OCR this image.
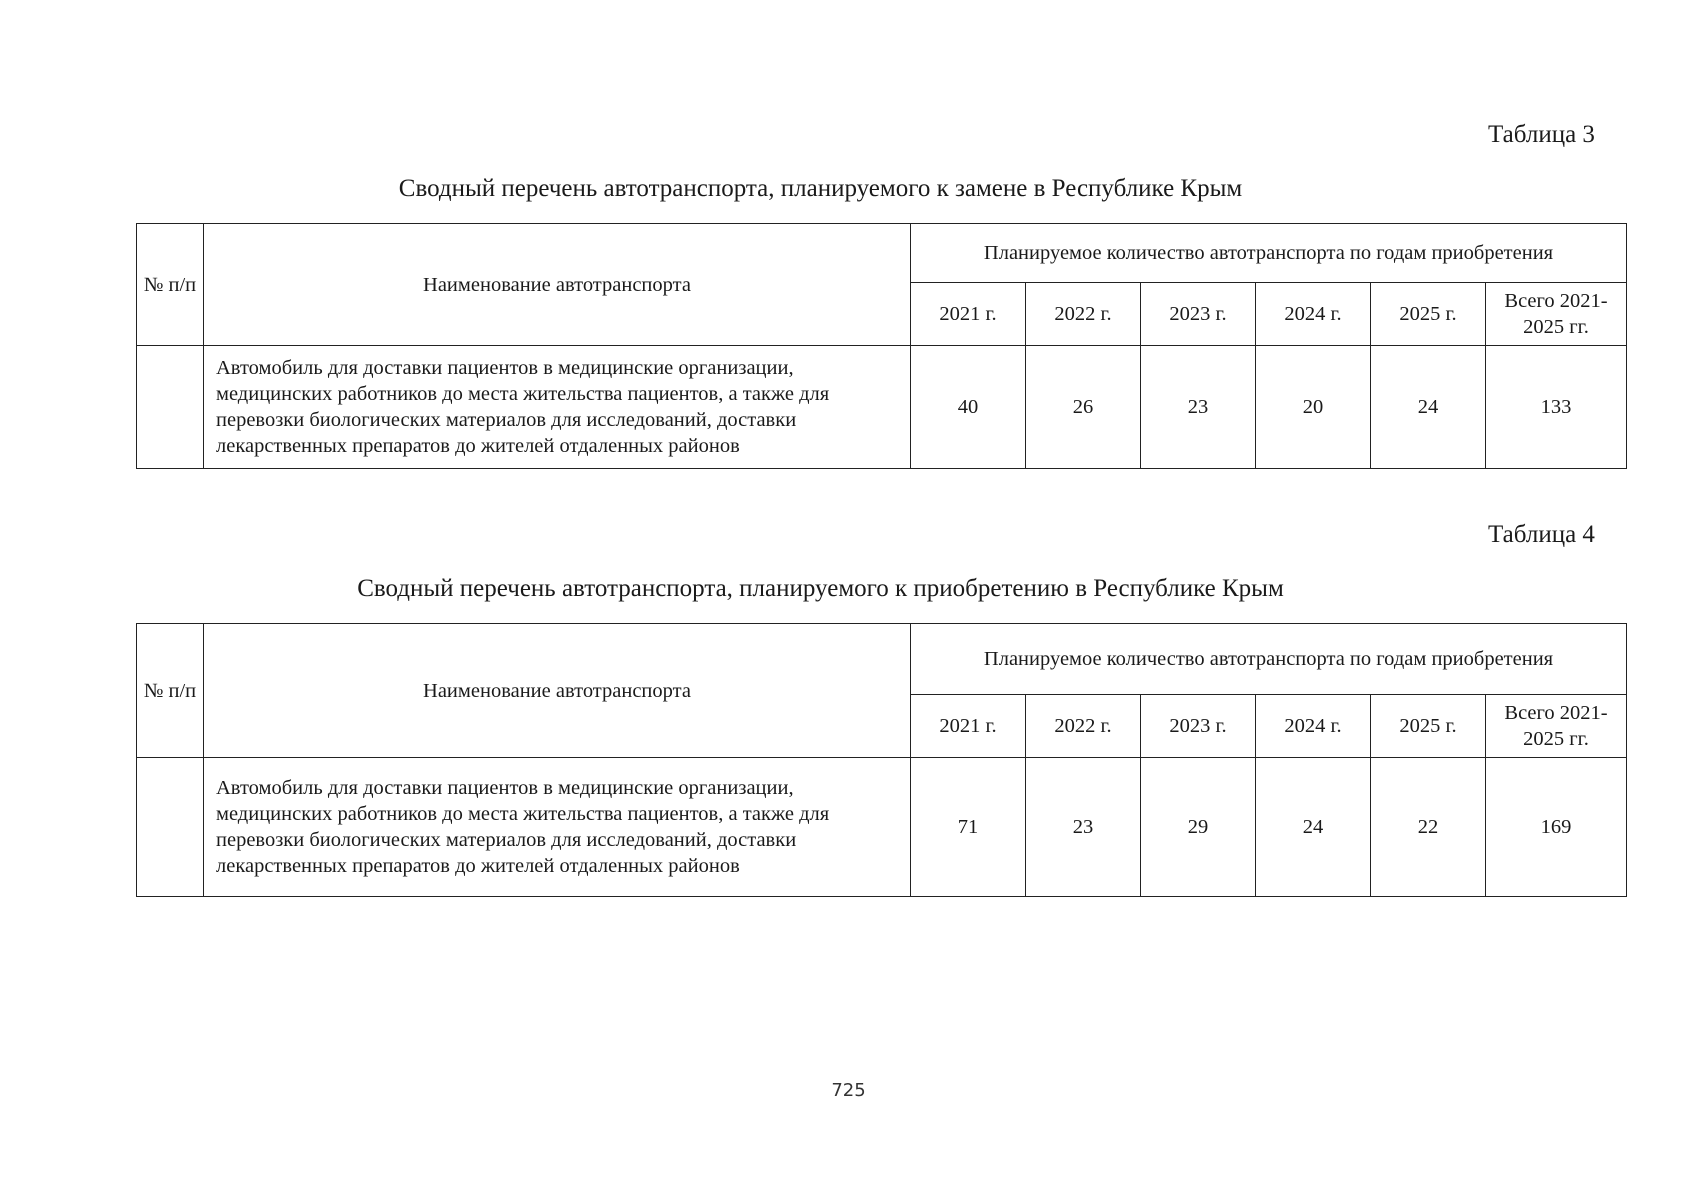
Таблица 3
Сводный перечень автотранспорта, планируемого к замене в Республике Крым
№ п/п	Наименование автотранспорта	Планируемое количество автотранспорта по годам приобретения					
		2021 г.	2022 г.	2023 г.	2024 г.	2025 г.	Всего 2021-2025 гг.
	Автомобиль для доставки пациентов в медицинские организации, медицинских работников до места жительства пациентов, а также для перевозки биологических материалов для исследований, доставки лекарственных препаратов до жителей отдаленных районов	40	26	23	20	24	133
Таблица 4
Сводный перечень автотранспорта, планируемого к приобретению в Республике Крым
№ п/п	Наименование автотранспорта	Планируемое количество автотранспорта по годам приобретения					
		2021 г.	2022 г.	2023 г.	2024 г.	2025 г.	Всего 2021-2025 гг.
	Автомобиль для доставки пациентов в медицинские организации, медицинских работников до места жительства пациентов, а также для перевозки биологических материалов для исследований, доставки лекарственных препаратов до жителей отдаленных районов	71	23	29	24	22	169
725
